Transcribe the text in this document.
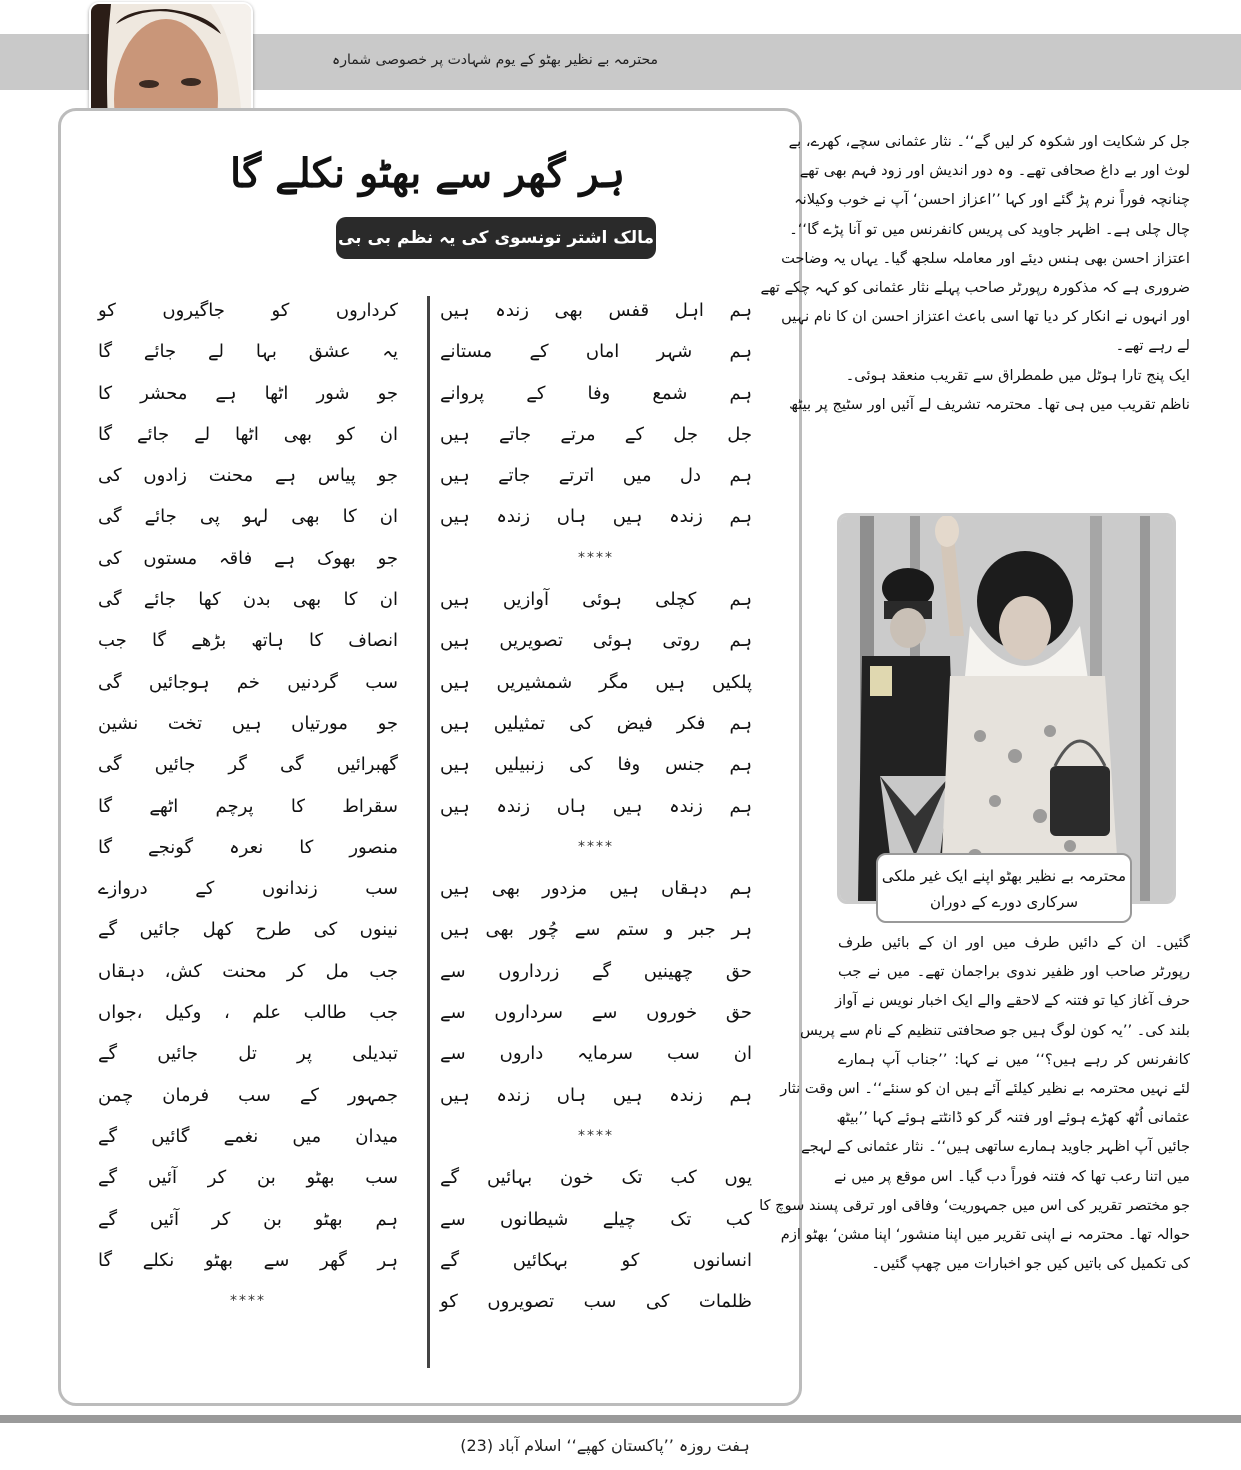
محترمہ بے نظیر بھٹو کے یوم شہادت پر خصوصی شمارہ
ہر گھر سے بھٹو نکلے گا
مالک اشتر تونسوی کی یہ نظم بی بی شہید کو بے حد پسند تھی
ہم اہل قفس بھی زندہ ہیں
ہم شہر اماں کے مستانے
ہم شمع وفا کے پروانے
جل جل کے مرتے جاتے ہیں
ہم دل میں اترتے جاتے ہیں
ہم زندہ ہیں ہاں زندہ ہیں
****
ہم کچلی ہوئی آوازیں ہیں
ہم روتی ہوئی تصویریں ہیں
پلکیں ہیں مگر شمشیریں ہیں
ہم فکر فیض کی تمثیلیں ہیں
ہم جنس وفا کی زنبیلیں ہیں
ہم زندہ ہیں ہاں زندہ ہیں
****
ہم دہقاں ہیں مزدور بھی ہیں
ہر جبر و ستم سے چُور بھی ہیں
حق چھینیں گے زرداروں سے
حق خوروں سے سرداروں سے
ان سب سرمایہ داروں سے
ہم زندہ ہیں ہاں زندہ ہیں
****
یوں کب تک خون بہائیں گے
کب تک چیلے شیطانوں سے
انسانوں کو بہکائیں گے
ظلمات کی سب تصویروں کو
کرداروں کو جاگیروں کو
یہ عشق بہا لے جائے گا
جو شور اٹھا ہے محشر کا
ان کو بھی اٹھا لے جائے گا
جو پیاس ہے محنت زادوں کی
ان کا بھی لہو پی جائے گی
جو بھوک ہے فاقہ مستوں کی
ان کا بھی بدن کھا جائے گی
انصاف کا ہاتھ بڑھے گا جب
سب گردنیں خم ہوجائیں گی
جو مورتیاں ہیں تخت نشین
گھبرائیں گی گر جائیں گی
سقراط کا پرچم اٹھے گا
منصور کا نعرہ گونجے گا
سب زندانوں کے دروازے
نینوں کی طرح کھل جائیں گے
جب مل کر محنت کش، دہقاں
جب طالب علم ، وکیل ،جواں
تبدیلی پر تل جائیں گے
جمہور کے سب فرمان چمن
میدان میں نغمے گائیں گے
سب بھٹو بن کر آئیں گے
ہم بھٹو بن کر آئیں گے
ہر گھر سے بھٹو نکلے گا
****
جل کر شکایت اور شکوہ کر لیں گے‘‘۔ نثار عثمانی سچے، کھرے، بے
لوث اور بے داغ صحافی تھے۔ وہ دور اندیش اور زود فہم بھی تھے
چنانچہ فوراً نرم پڑ گئے اور کہا ’’اعزاز احسن‘ آپ نے خوب وکیلانہ
چال چلی ہے۔ اظہر جاوید کی پریس کانفرنس میں تو آنا پڑے گا‘‘۔
اعتزاز احسن بھی ہنس دیئے اور معاملہ سلجھ گیا۔ یہاں یہ وضاحت
ضروری ہے کہ مذکورہ رپورٹر صاحب پہلے نثار عثمانی کو کہہ چکے تھے
اور انہوں نے انکار کر دیا تھا اسی باعث اعتزاز احسن ان کا نام نہیں
لے رہے تھے۔
ایک پنج تارا ہوٹل میں طمطراق سے تقریب منعقد ہوئی۔
ناظم تقریب میں ہی تھا۔ محترمہ تشریف لے آئیں اور سٹیج پر بیٹھ
محترمہ بے نظیر بھٹو اپنے ایک غیر ملکی
سرکاری دورے کے دوران
گئیں۔ ان کے دائیں طرف میں اور ان کے بائیں طرف
رپورٹر صاحب اور ظفیر ندوی براجمان تھے۔ میں نے جب
حرف آغاز کیا تو فتنہ کے لاحقے والے ایک اخبار نویس نے آواز
بلند کی۔ ’’یہ کون لوگ ہیں جو صحافتی تنظیم کے نام سے پریس
کانفرنس کر رہے ہیں؟‘‘ میں نے کہا: ’’جناب آپ ہمارے
لئے نہیں محترمہ بے نظیر کیلئے آئے ہیں ان کو سنئے‘‘۔ اس وقت نثار
عثمانی اُٹھ کھڑے ہوئے اور فتنہ گر کو ڈانٹتے ہوئے کہا ’’بیٹھ
جائیں آپ اظہر جاوید ہمارے ساتھی ہیں‘‘۔ نثار عثمانی کے لہجے
میں اتنا رعب تھا کہ فتنہ فوراً دب گیا۔ اس موقع پر میں نے
جو مختصر تقریر کی اس میں جمہوریت‘ وفاقی اور ترقی پسند سوچ کا
حوالہ تھا۔ محترمہ نے اپنی تقریر میں اپنا منشور‘ اپنا مشن‘ بھٹو ازم
کی تکمیل کی باتیں کیں جو اخبارات میں چھپ گئیں۔
ہفت روزہ ’’پاکستان کھپے‘‘ اسلام آباد (23)
